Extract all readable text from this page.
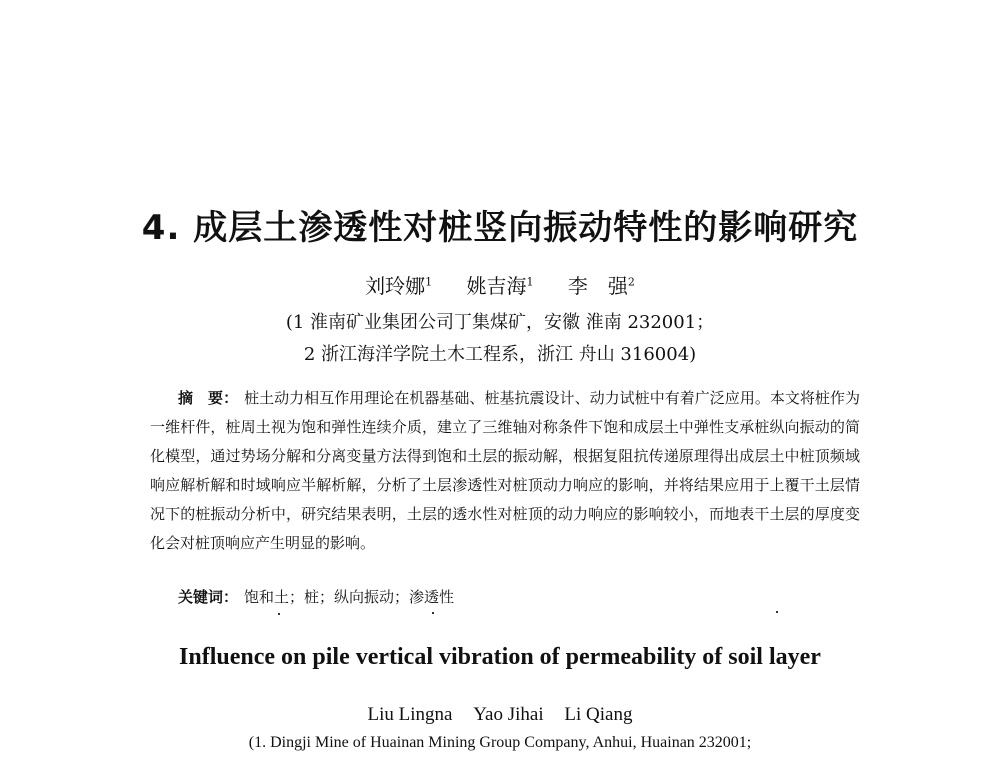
4. 成层土渗透性对桩竖向振动特性的影响研究
刘玲娜$^1$ 姚吉海$^1$ 李　强$^2$
(1 淮南矿业集团公司丁集煤矿，安徽 淮南 232001；
2 浙江海洋学院土木工程系，浙江 舟山 316004)
摘　要： 桩土动力相互作用理论在机器基础、桩基抗震设计、动力试桩中有着广泛应用。本文将桩作为一维杆件，桩周土视为饱和弹性连续介质，建立了三维轴对称条件下饱和成层土中弹性支承桩纵向振动的简化模型，通过势场分解和分离变量方法得到饱和土层的振动解，根据复阻抗传递原理得出成层土中桩顶频域响应解析解和时域响应半解析解，分析了土层渗透性对桩顶动力响应的影响，并将结果应用于上覆干土层情况下的桩振动分析中，研究结果表明，土层的透水性对桩顶的动力响应的影响较小，而地表干土层的厚度变化会对桩顶响应产生明显的影响。
关键词： 饱和土；桩；纵向振动；渗透性
Influence on pile vertical vibration of permeability of soil layer
Liu Lingna Yao Jihai Li Qiang
(1. Dingji Mine of Huainan Mining Group Company, Anhui, Huainan 232001;
